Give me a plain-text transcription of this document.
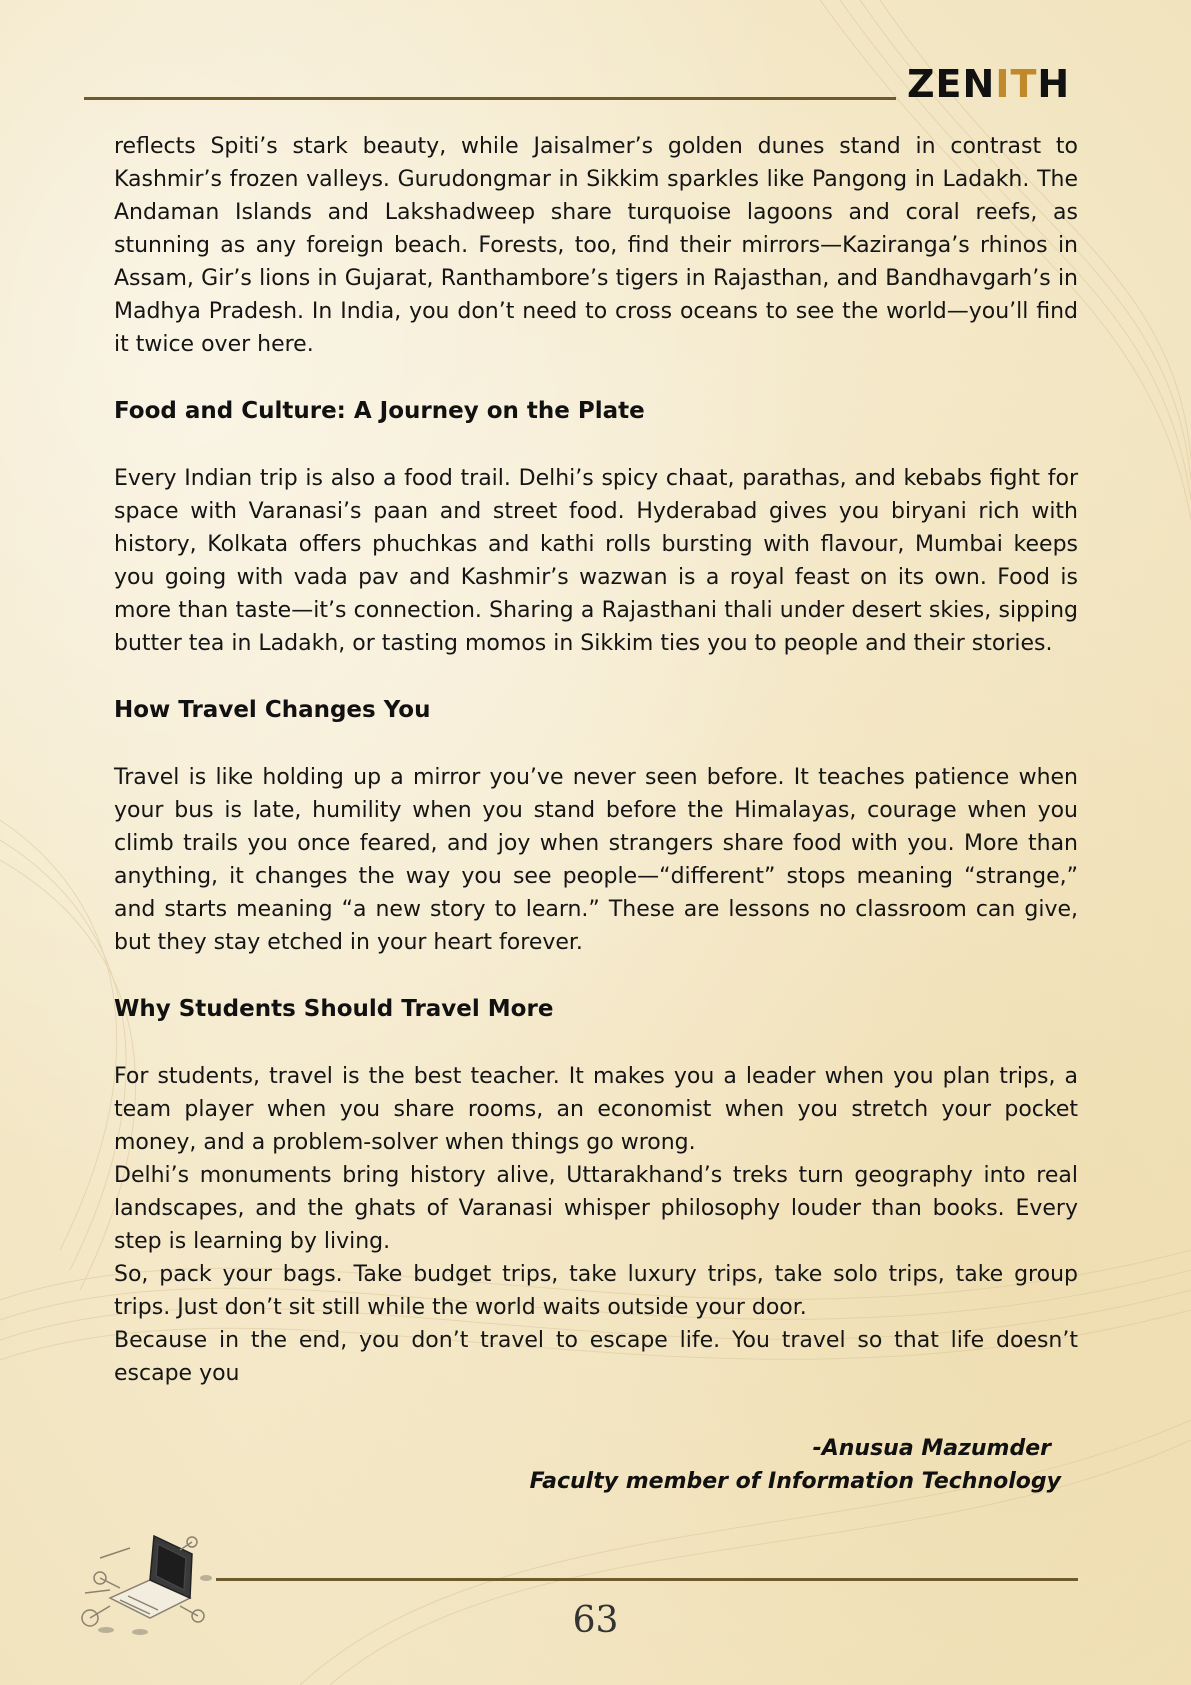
ZENITH

reflects Spiti’s stark beauty, while Jaisalmer’s golden dunes stand in contrast to Kashmir’s frozen valleys. Gurudongmar in Sikkim sparkles like Pangong in Ladakh. The Andaman Islands and Lakshadweep share turquoise lagoons and coral reefs, as stunning as any foreign beach. Forests, too, find their mirrors—Kaziranga’s rhinos in Assam, Gir’s lions in Gujarat, Ranthambore’s tigers in Rajasthan, and Bandhavgarh’s in Madhya Pradesh. In India, you don’t need to cross oceans to see the world—you’ll find it twice over here.

Food and Culture: A Journey on the Plate

Every Indian trip is also a food trail. Delhi’s spicy chaat, parathas, and kebabs fight for space with Varanasi’s paan and street food. Hyderabad gives you biryani rich with history, Kolkata offers phuchkas and kathi rolls bursting with flavour, Mumbai keeps you going with vada pav and Kashmir’s wazwan is a royal feast on its own. Food is more than taste—it’s connection. Sharing a Rajasthani thali under desert skies, sipping butter tea in Ladakh, or tasting momos in Sikkim ties you to people and their stories.

How Travel Changes You

Travel is like holding up a mirror you’ve never seen before. It teaches patience when your bus is late, humility when you stand before the Himalayas, courage when you climb trails you once feared, and joy when strangers share food with you. More than anything, it changes the way you see people—“different” stops meaning “strange,” and starts meaning “a new story to learn.” These are lessons no classroom can give, but they stay etched in your heart forever.

Why Students Should Travel More

For students, travel is the best teacher. It makes you a leader when you plan trips, a team player when you share rooms, an economist when you stretch your pocket money, and a problem-solver when things go wrong.

Delhi’s monuments bring history alive, Uttarakhand’s treks turn geography into real landscapes, and the ghats of Varanasi whisper philosophy louder than books. Every step is learning by living.

So, pack your bags. Take budget trips, take luxury trips, take solo trips, take group trips. Just don’t sit still while the world waits outside your door.

Because in the end, you don’t travel to escape life. You travel so that life doesn’t escape you

-Anusua Mazumder
Faculty member of Information Technology
63
